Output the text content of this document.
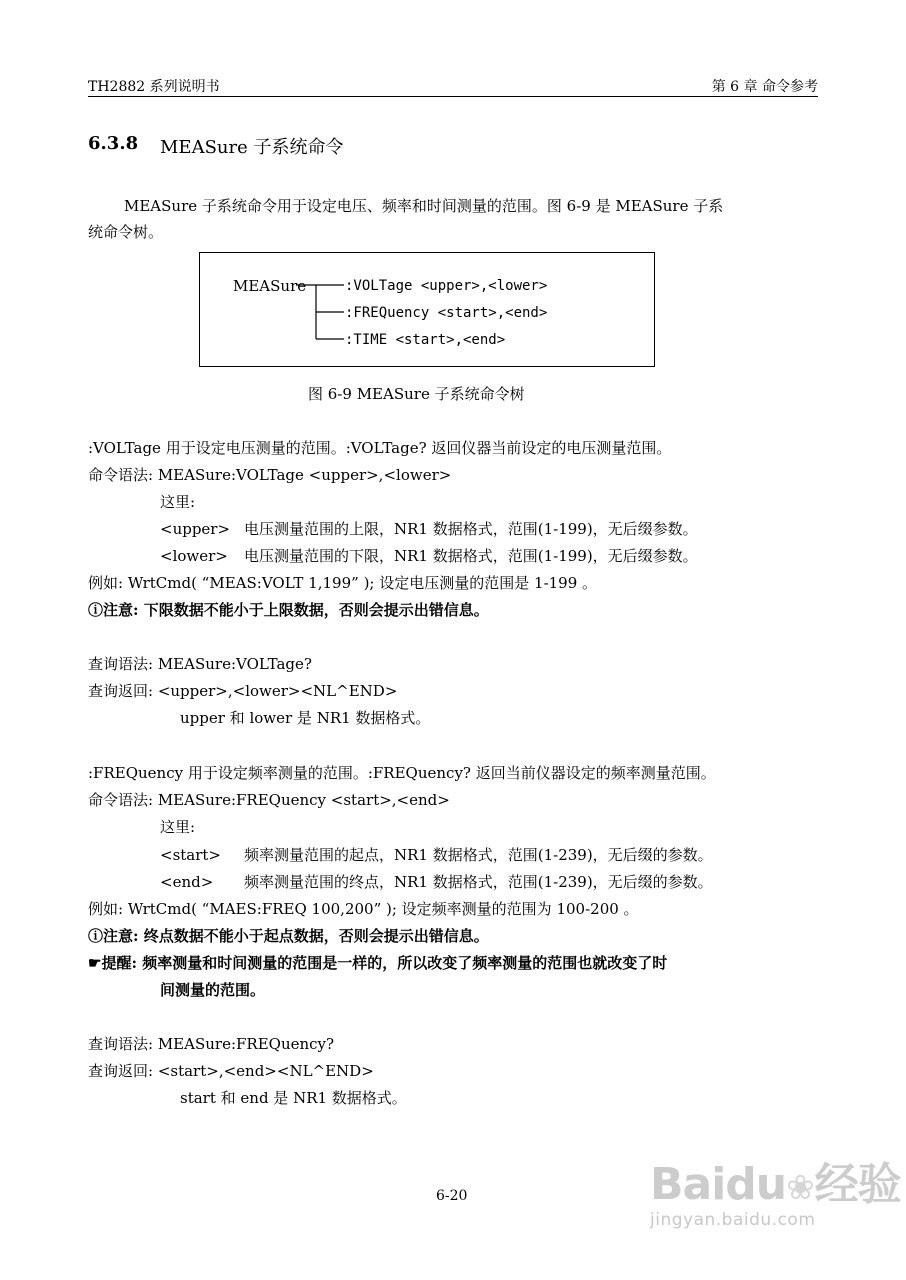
TH2882 系列说明书	第 6 章 命令参考
6.3.8 MEASure 子系统命令
MEASure 子系统命令用于设定电压、频率和时间测量的范围。图 6-9 是 MEASure 子系
统命令树。
MEASure	:VOLTage <upper>,<lower>
:FREQuency <start>,<end>
:TIME <start>,<end>
图 6-9 MEASure 子系统命令树
:VOLTage 用于设定电压测量的范围。:VOLTage? 返回仪器当前设定的电压测量范围。
命令语法: MEASure:VOLTage <upper>,<lower>
这里:
<upper> 电压测量范围的上限，NR1 数据格式，范围(1-199)，无后缀参数。
<lower> 电压测量范围的下限，NR1 数据格式，范围(1-199)，无后缀参数。
例如: WrtCmd( “MEAS:VOLT 1,199” ); 设定电压测量的范围是 1-199 。
ⓘ注意: 下限数据不能小于上限数据，否则会提示出错信息。
查询语法: MEASure:VOLTage?
查询返回: <upper>,<lower><NL^END>
upper 和 lower 是 NR1 数据格式。
:FREQuency 用于设定频率测量的范围。:FREQuency? 返回当前仪器设定的频率测量范围。
命令语法: MEASure:FREQuency <start>,<end>
这里:
<start> 频率测量范围的起点，NR1 数据格式，范围(1-239)，无后缀的参数。
<end> 频率测量范围的终点，NR1 数据格式，范围(1-239)，无后缀的参数。
例如: WrtCmd( “MAES:FREQ 100,200” ); 设定频率测量的范围为 100-200 。
ⓘ注意: 终点数据不能小于起点数据，否则会提示出错信息。
☛提醒: 频率测量和时间测量的范围是一样的，所以改变了频率测量的范围也就改变了时
间测量的范围。
查询语法: MEASure:FREQuency?
查询返回: <start>,<end><NL^END>
start 和 end 是 NR1 数据格式。
6-20	Baidu❀经验
jingyan.baidu.com
